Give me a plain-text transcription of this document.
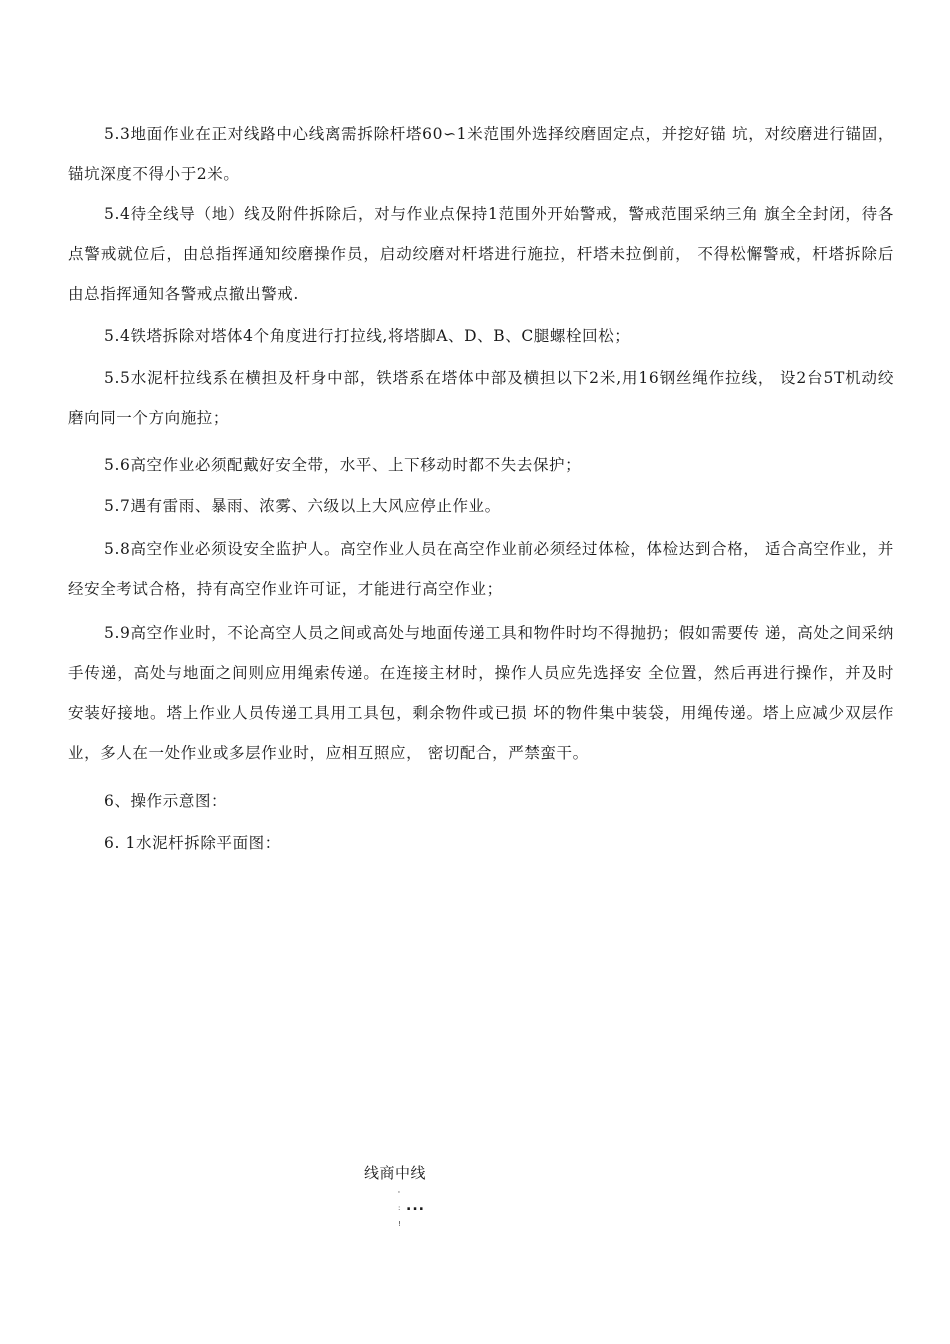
5.3地面作业在正对线路中心线离需拆除杆塔60∽1米范围外选择绞磨固定点，并挖好锚 坑，对绞磨进行锚固，锚坑深度不得小于2米。

5.4待全线导（地）线及附件拆除后，对与作业点保持1范围外开始警戒，警戒范围采纳三角 旗全全封闭，待各点警戒就位后，由总指挥通知绞磨操作员，启动绞磨对杆塔进行施拉，杆塔未拉倒前， 不得松懈警戒，杆塔拆除后由总指挥通知各警戒点撤出警戒.

5.4铁塔拆除对塔体4个角度进行打拉线,将塔脚A、D、B、C腿螺栓回松；

5.5水泥杆拉线系在横担及杆身中部，铁塔系在塔体中部及横担以下2米,用16钢丝绳作拉线， 设2台5T机动绞磨向同一个方向施拉；

5.6高空作业必须配戴好安全带，水平、上下移动时都不失去保护；

5.7遇有雷雨、暴雨、浓雾、六级以上大风应停止作业。

5.8高空作业必须设安全监护人。高空作业人员在高空作业前必须经过体检，体检达到合格， 适合高空作业，并经安全考试合格，持有高空作业许可证，才能进行高空作业；

5.9高空作业时，不论高空人员之间或高处与地面传递工具和物件时均不得抛扔；假如需要传 递，高处之间采纳手传递，高处与地面之间则应用绳索传递。在连接主材时，操作人员应先选择安 全位置，然后再进行操作，并及时安装好接地。塔上作业人员传递工具用工具包，剩余物件或已损 坏的物件集中装袋，用绳传递。塔上应减少双层作业，多人在一处作业或多层作业时，应相互照应， 密切配合，严禁蛮干。

6、操作示意图：

6. 1水泥杆拆除平面图：

线商中线
'
: ...
!
